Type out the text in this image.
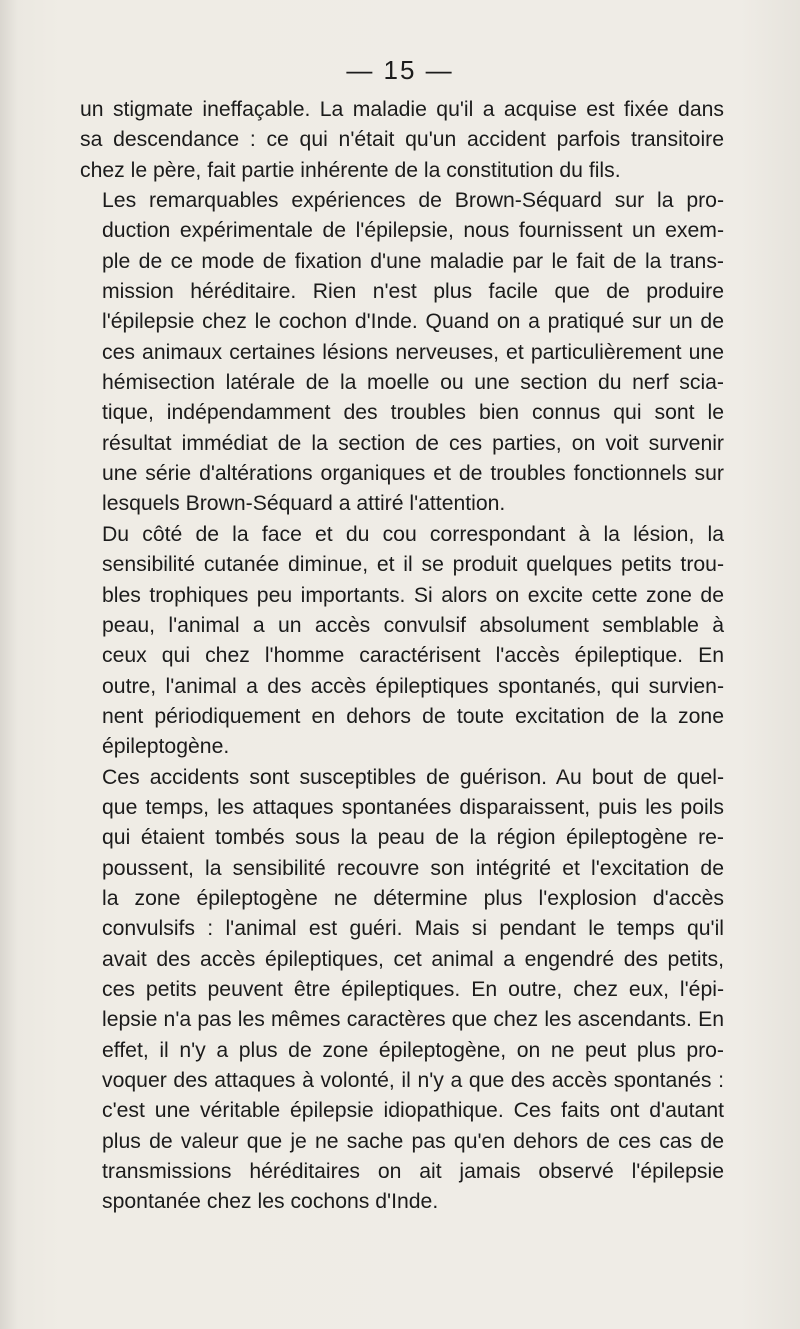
— 15 —

un stigmate ineffaçable. La maladie qu'il a acquise est fixée dans
sa descendance : ce qui n'était qu'un accident parfois transitoire
chez le père, fait partie inhérente de la constitution du fils.

Les remarquables expériences de Brown-Séquard sur la pro-
duction expérimentale de l'épilepsie, nous fournissent un exem-
ple de ce mode de fixation d'une maladie par le fait de la trans-
mission héréditaire. Rien n'est plus facile que de produire
l'épilepsie chez le cochon d'Inde. Quand on a pratiqué sur un de
ces animaux certaines lésions nerveuses, et particulièrement une
hémisection latérale de la moelle ou une section du nerf scia-
tique, indépendamment des troubles bien connus qui sont le
résultat immédiat de la section de ces parties, on voit survenir
une série d'altérations organiques et de troubles fonctionnels sur
lesquels Brown-Séquard a attiré l'attention.

Du côté de la face et du cou correspondant à la lésion, la
sensibilité cutanée diminue, et il se produit quelques petits trou-
bles trophiques peu importants. Si alors on excite cette zone de
peau, l'animal a un accès convulsif absolument semblable à
ceux qui chez l'homme caractérisent l'accès épileptique. En
outre, l'animal a des accès épileptiques spontanés, qui survien-
nent périodiquement en dehors de toute excitation de la zone
épileptogène.

Ces accidents sont susceptibles de guérison. Au bout de quel-
que temps, les attaques spontanées disparaissent, puis les poils
qui étaient tombés sous la peau de la région épileptogène re-
poussent, la sensibilité recouvre son intégrité et l'excitation de
la zone épileptogène ne détermine plus l'explosion d'accès
convulsifs : l'animal est guéri. Mais si pendant le temps qu'il
avait des accès épileptiques, cet animal a engendré des petits,
ces petits peuvent être épileptiques. En outre, chez eux, l'épi-
lepsie n'a pas les mêmes caractères que chez les ascendants. En
effet, il n'y a plus de zone épileptogène, on ne peut plus pro-
voquer des attaques à volonté, il n'y a que des accès spontanés :
c'est une véritable épilepsie idiopathique. Ces faits ont d'autant
plus de valeur que je ne sache pas qu'en dehors de ces cas de
transmissions héréditaires on ait jamais observé l'épilepsie
spontanée chez les cochons d'Inde.
